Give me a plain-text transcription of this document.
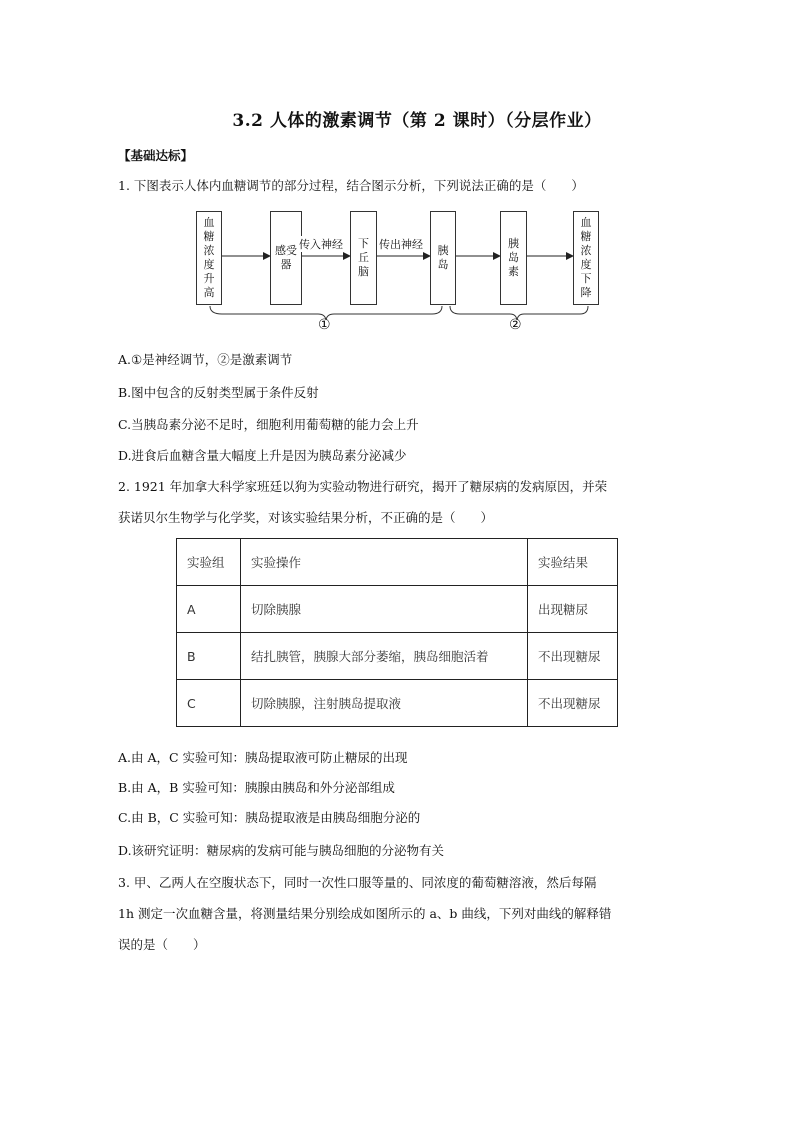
3.2 人体的激素调节（第 2 课时）（分层作业）
【基础达标】
1. 下图表示人体内血糖调节的部分过程，结合图示分析，下列说法正确的是（　　）
血糖浓度升高
感受器
下丘脑
胰岛
胰岛素
血糖浓度下降
传入神经	传出神经
①	②
A.①是神经调节，②是激素调节
B.图中包含的反射类型属于条件反射
C.当胰岛素分泌不足时，细胞利用葡萄糖的能力会上升
D.进食后血糖含量大幅度上升是因为胰岛素分泌减少
2. 1921 年加拿大科学家班廷以狗为实验动物进行研究，揭开了糖尿病的发病原因，并荣
获诺贝尔生物学与化学奖，对该实验结果分析，不正确的是（　　）
实验组	实验操作	实验结果
A	切除胰腺	出现糖尿
B	结扎胰管，胰腺大部分萎缩，胰岛细胞活着	不出现糖尿
C	切除胰腺，注射胰岛提取液	不出现糖尿
A.由 A，C 实验可知：胰岛提取液可防止糖尿的出现
B.由 A，B 实验可知：胰腺由胰岛和外分泌部组成
C.由 B，C 实验可知：胰岛提取液是由胰岛细胞分泌的
D.该研究证明：糖尿病的发病可能与胰岛细胞的分泌物有关
3. 甲、乙两人在空腹状态下，同时一次性口服等量的、同浓度的葡萄糖溶液，然后每隔
1h 测定一次血糖含量，将测量结果分别绘成如图所示的 a、b 曲线，下列对曲线的解释错
误的是（　　）
